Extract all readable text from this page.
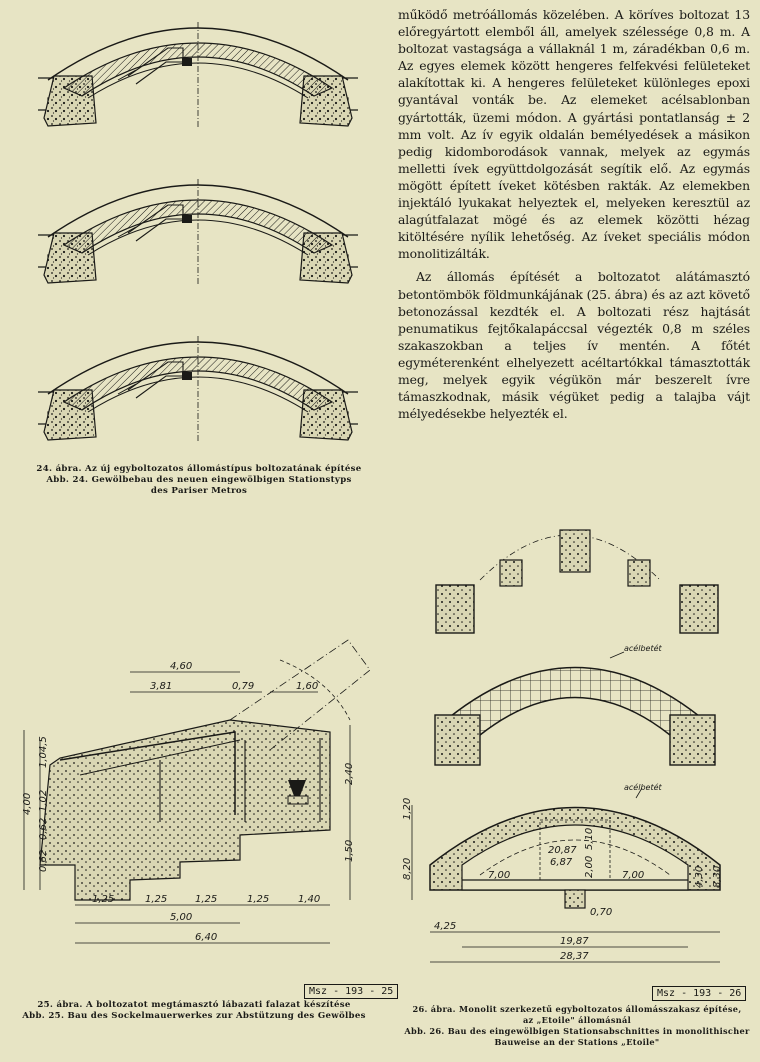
24. ábra. Az új egyboltozatos állomástípus boltozatának építése
Abb. 24. Gewölbebau des neuen eingewölbigen Stationstyps
des Pariser Metros

működő metróállomás közelében. A köríves boltozat 13 előregyártott elemből áll, amelyek szélessége 0,8 m. A boltozat vastagsága a vállaknál 1 m, záradékban 0,6 m. Az egyes elemek között hengeres felfekvési felületeket alakítottak ki. A hengeres felületeket különleges epoxi gyantával vonták be. Az elemeket acélsablonban gyártották, üzemi módon. A gyártási pontatlanság ± 2 mm volt. Az ív egyik oldalán bemélyedések a másikon pedig kidomborodások vannak, melyek az egymás melletti ívek együttdolgozását segítik elő. Az egymás mögött épített íveket kötésben rakták. Az elemekben injektáló lyukakat helyeztek el, melyeken keresztül az alagútfalazat mögé és az elemek közötti hézag kitöltésére nyílik lehetőség. Az íveket speciális módon monolitizálták.

Az állomás építését a boltozatot alátámasztó betontömbök földmunkájának (25. ábra) és az azt követő betonozással kezdték el. A boltozati rész hajtását penumatikus fejtőkalapáccsal végezték 0,8 m széles szakaszokban a teljes ív mentén. A főtét egyméterenként elhelyezett acéltartókkal támasztották meg, melyek egyik végükön már beszerelt ívre támaszkodnak, másik végüket pedig a talajba vájt mélyedésekbe helyezték el.

4,60
3,81	0,79	1,60
2,40
1,50
4,00
1,04,5
1,02
0,62
0,62
1,25	1,25	1,25	1,25	1,40
5,00
6,40
Msz - 193 - 25
25. ábra. A boltozatot megtámasztó lábazati falazat készítése
Abb. 25. Bau des Sockelmauerwerkes zur Abstützung des Gewölbes
acélbetét
acélbetét
1,20
8,20
20,87
6,87
5,10
2,00	4,30 8,30
7,00	7,00
0,70
4,25
19,87
28,37
Msz - 193 - 26
26. ábra. Monolit szerkezetű egyboltozatos állomásszakasz építése,
az „Etoile" állomásnál
Abb. 26. Bau des eingewölbigen Stationsabschnittes in monolithischer
Bauweise an der Stations „Etoile"
